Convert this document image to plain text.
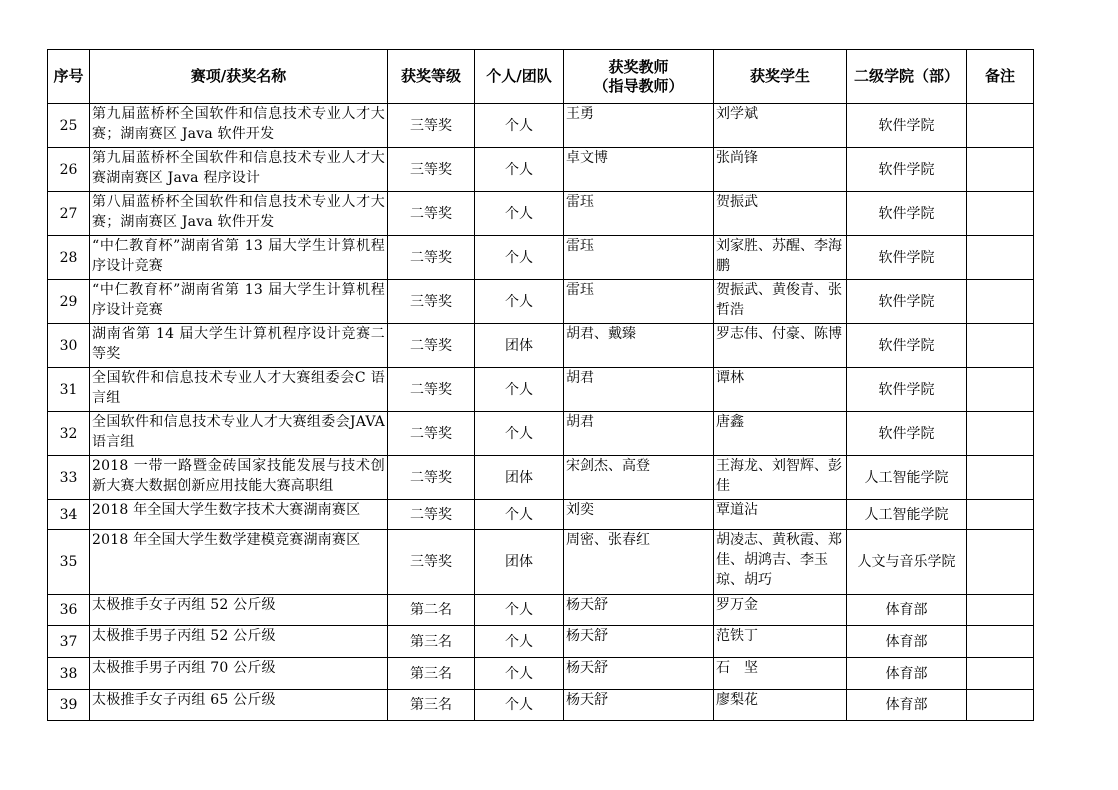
序号	赛项/获奖名称	获奖等级	个人/团队	获奖教师
（指导教师）	获奖学生	二级学院（部）	备注
25	第九届蓝桥杯全国软件和信息技术专业人才大赛；湖南赛区 Java 软件开发	三等奖	个人	王勇	刘学斌	软件学院	
26	第九届蓝桥杯全国软件和信息技术专业人才大赛湖南赛区 Java 程序设计	三等奖	个人	卓文博	张尚锋	软件学院	
27	第八届蓝桥杯全国软件和信息技术专业人才大赛；湖南赛区 Java 软件开发	二等奖	个人	雷珏	贺振武	软件学院	
28	“中仁教育杯”湖南省第 13 届大学生计算机程序设计竞赛	二等奖	个人	雷珏	刘家胜、苏醒、李海鹏	软件学院	
29	“中仁教育杯”湖南省第 13 届大学生计算机程序设计竞赛	三等奖	个人	雷珏	贺振武、黄俊青、张哲浩	软件学院	
30	湖南省第 14 届大学生计算机程序设计竞赛二等奖	二等奖	团体	胡君、戴臻	罗志伟、付豪、陈博	软件学院	
31	全国软件和信息技术专业人才大赛组委会C 语言组	二等奖	个人	胡君	谭林	软件学院	
32	全国软件和信息技术专业人才大赛组委会JAVA 语言组	二等奖	个人	胡君	唐鑫	软件学院	
33	2018 一带一路暨金砖国家技能发展与技术创新大赛大数据创新应用技能大赛高职组	二等奖	团体	宋剑杰、高登	王海龙、刘智辉、彭佳	人工智能学院	
34	2018 年全国大学生数字技术大赛湖南赛区	二等奖	个人	刘奕	覃道沾	人工智能学院	
35	2018 年全国大学生数学建模竞赛湖南赛区	三等奖	团体	周密、张春红	胡凌志、黄秋霞、郑佳、胡鸿吉、李玉琼、胡巧	人文与音乐学院	
36	太极推手女子丙组 52 公斤级	第二名	个人	杨天舒	罗万金	体育部	
37	太极推手男子丙组 52 公斤级	第三名	个人	杨天舒	范铁丁	体育部	
38	太极推手男子丙组 70 公斤级	第三名	个人	杨天舒	石　坚	体育部	
39	太极推手女子丙组 65 公斤级	第三名	个人	杨天舒	廖梨花	体育部	
